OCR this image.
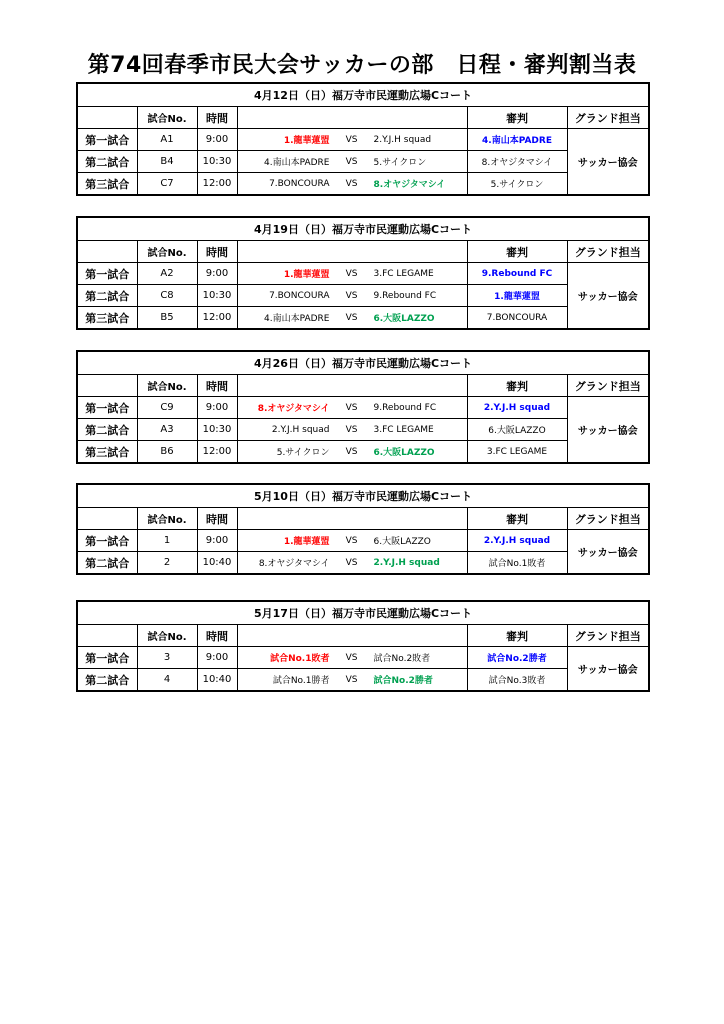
第74回春季市民大会サッカーの部　日程・審判割当表
4月12日（日）福万寺市民運動広場Cコート					
	試合No.	時間		審判	グランド担当
第一試合	A1	9:00	1.龍華蓮盟 VS 2.Y.J.H squad	4.南山本PADRE	サッカー協会
第二試合	B4	10:30	4.南山本PADRE VS 5.サイクロン	8.オヤジタマシイ	
第三試合	C7	12:00	7.BONCOURA VS 8.オヤジタマシイ	5.サイクロン	
4月19日（日）福万寺市民運動広場Cコート					
	試合No.	時間		審判	グランド担当
第一試合	A2	9:00	1.龍華蓮盟 VS 3.FC LEGAME	9.Rebound FC	サッカー協会
第二試合	C8	10:30	7.BONCOURA VS 9.Rebound FC	1.龍華蓮盟	
第三試合	B5	12:00	4.南山本PADRE VS 6.大阪LAZZO	7.BONCOURA	
4月26日（日）福万寺市民運動広場Cコート					
	試合No.	時間		審判	グランド担当
第一試合	C9	9:00	8.オヤジタマシイ VS 9.Rebound FC	2.Y.J.H squad	サッカー協会
第二試合	A3	10:30	2.Y.J.H squad VS 3.FC LEGAME	6.大阪LAZZO	
第三試合	B6	12:00	5.サイクロン VS 6.大阪LAZZO	3.FC LEGAME	
5月10日（日）福万寺市民運動広場Cコート					
	試合No.	時間		審判	グランド担当
第一試合	1	9:00	1.龍華蓮盟 VS 6.大阪LAZZO	2.Y.J.H squad	サッカー協会
第二試合	2	10:40	8.オヤジタマシイ VS 2.Y.J.H squad	試合No.1敗者	
5月17日（日）福万寺市民運動広場Cコート					
	試合No.	時間		審判	グランド担当
第一試合	3	9:00	試合No.1敗者 VS 試合No.2敗者	試合No.2勝者	サッカー協会
第二試合	4	10:40	試合No.1勝者 VS 試合No.2勝者	試合No.3敗者	
